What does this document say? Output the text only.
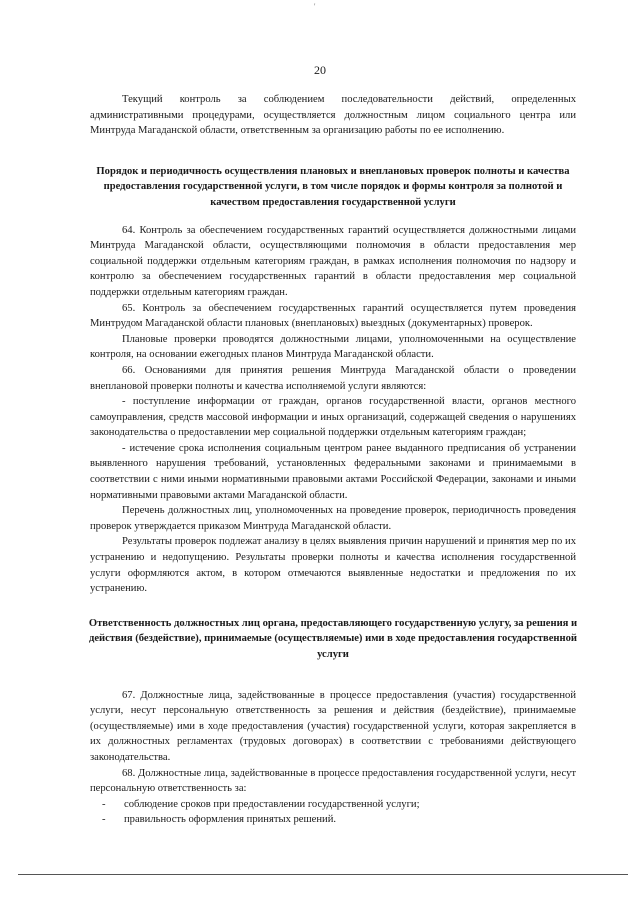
'
20

Текущий контроль за соблюдением последовательности действий, определенных административными процедурами, осуществляется должностным лицом социального центра или Минтруда Магаданской области, ответственным за организацию работы по ее исполнению.

Порядок и периодичность осуществления плановых и внеплановых проверок полноты и качества предоставления государственной услуги, в том числе порядок и формы контроля за полнотой и качеством предоставления государственной услуги

64. Контроль за обеспечением государственных гарантий осуществляется должностными лицами Минтруда Магаданской области, осуществляющими полномочия в области предоставления мер социальной поддержки отдельным категориям граждан, в рамках исполнения полномочия по надзору и контролю за обеспечением государственных гарантий в области предоставления мер социальной поддержки отдельным категориям граждан.

65. Контроль за обеспечением государственных гарантий осуществляется путем проведения Минтрудом Магаданской области плановых (внеплановых) выездных (документарных) проверок.

Плановые проверки проводятся должностными лицами, уполномоченными на осуществление контроля, на основании ежегодных планов Минтруда Магаданской области.

66. Основаниями для принятия решения Минтруда Магаданской области о проведении внеплановой проверки полноты и качества исполняемой услуги являются:

- поступление информации от граждан, органов государственной власти, органов местного самоуправления, средств массовой информации и иных организаций, содержащей сведения о нарушениях законодательства о предоставлении мер социальной поддержки отдельным категориям граждан;

- истечение срока исполнения социальным центром ранее выданного предписания об устранении выявленного нарушения требований, установленных федеральными законами и принимаемыми в соответствии с ними иными нормативными правовыми актами Российской Федерации, законами и иными нормативными правовыми актами Магаданской области.

Перечень должностных лиц, уполномоченных на проведение проверок, периодичность проведения проверок утверждается приказом Минтруда Магаданской области.

Результаты проверок подлежат анализу в целях выявления причин нарушений и принятия мер по их устранению и недопущению. Результаты проверки полноты и качества исполнения государственной услуги оформляются актом, в котором отмечаются выявленные недостатки и предложения по их устранению.

Ответственность должностных лиц органа, предоставляющего государственную услугу, за решения и действия (бездействие), принимаемые (осуществляемые) ими в ходе предоставления государственной услуги

67. Должностные лица, задействованные в процессе предоставления (участия) государственной услуги, несут персональную ответственность за решения и действия (бездействие), принимаемые (осуществляемые) ими в ходе предоставления (участия) государственной услуги, которая закрепляется в их должностных регламентах (трудовых договорах) в соответствии с требованиями действующего законодательства.

68. Должностные лица, задействованные в процессе предоставления государственной услуги, несут персональную ответственность за:

- соблюдение сроков при предоставлении государственной услуги;

- правильность оформления принятых решений.
